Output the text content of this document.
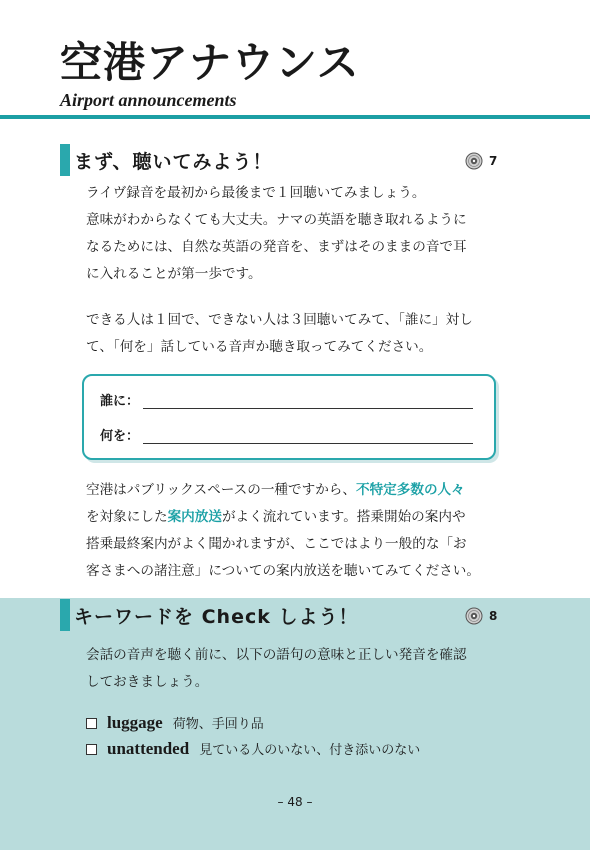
空港アナウンス
Airport announcements
まず、聴いてみよう！	7

ライヴ録音を最初から最後まで１回聴いてみましょう。

意味がわからなくても大丈夫。ナマの英語を聴き取れるように

なるためには、自然な英語の発音を、まずはそのままの音で耳

に入れることが第一歩です。

できる人は１回で、できない人は３回聴いてみて、「誰に」対し

て、「何を」話している音声か聴き取ってみてください。

誰に：
何を：

空港はパブリックスペースの一種ですから、不特定多数の人々

を対象にした案内放送がよく流れています。搭乗開始の案内や

搭乗最終案内がよく聞かれますが、ここではより一般的な「お

客さまへの諸注意」についての案内放送を聴いてみてください。

キーワードを Check しよう！	8

会話の音声を聴く前に、以下の語句の意味と正しい発音を確認

しておきましょう。

luggage 荷物、手回り品
unattended 見ている人のいない、付き添いのない
– 48 –
